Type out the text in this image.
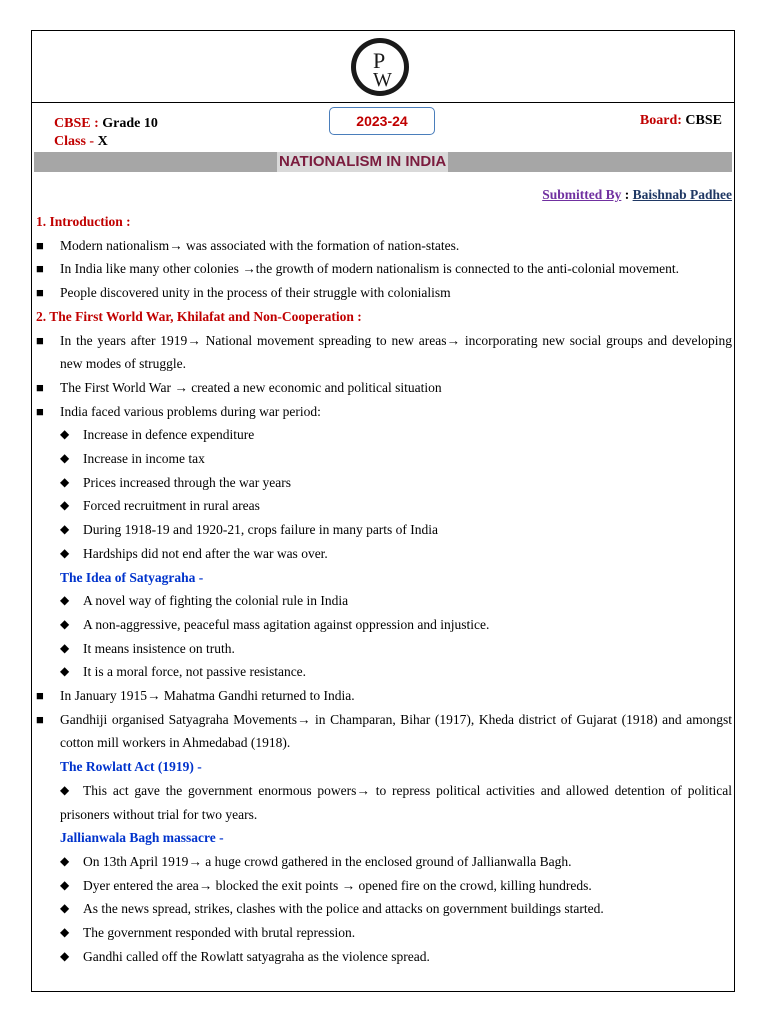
P
W
CBSE : Grade 10
Class - X
2023-24	Board: CBSE
NATIONALISM IN INDIA
Submitted By : Baishnab Padhee
1. Introduction :
■ Modern nationalism→ was associated with the formation of nation-states.
■ In India like many other colonies →the growth of modern nationalism is connected to the anti-colonial movement.
■ People discovered unity in the process of their struggle with colonialism
2. The First World War, Khilafat and Non-Cooperation :
■ In the years after 1919→ National movement spreading to new areas→ incorporating new social groups and developing new modes of struggle.
■ The First World War → created a new economic and political situation
■ India faced various problems during war period:
◆ Increase in defence expenditure
◆ Increase in income tax
◆ Prices increased through the war years
◆ Forced recruitment in rural areas
◆ During 1918-19 and 1920-21, crops failure in many parts of India
◆ Hardships did not end after the war was over.
The Idea of Satyagraha -
◆ A novel way of fighting the colonial rule in India
◆ A non-aggressive, peaceful mass agitation against oppression and injustice.
◆ It means insistence on truth.
◆ It is a moral force, not passive resistance.
■ In January 1915→ Mahatma Gandhi returned to India.
■ Gandhiji organised Satyagraha Movements→ in Champaran, Bihar (1917), Kheda district of Gujarat (1918) and amongst cotton mill workers in Ahmedabad (1918).
The Rowlatt Act (1919) -
◆ This act gave the government enormous powers→ to repress political activities and allowed detention of political prisoners without trial for two years.
Jallianwala Bagh massacre -
◆ On 13th April 1919→ a huge crowd gathered in the enclosed ground of Jallianwalla Bagh.
◆ Dyer entered the area→ blocked the exit points → opened fire on the crowd, killing hundreds.
◆ As the news spread, strikes, clashes with the police and attacks on government buildings started.
◆ The government responded with brutal repression.
◆ Gandhi called off the Rowlatt satyagraha as the violence spread.
